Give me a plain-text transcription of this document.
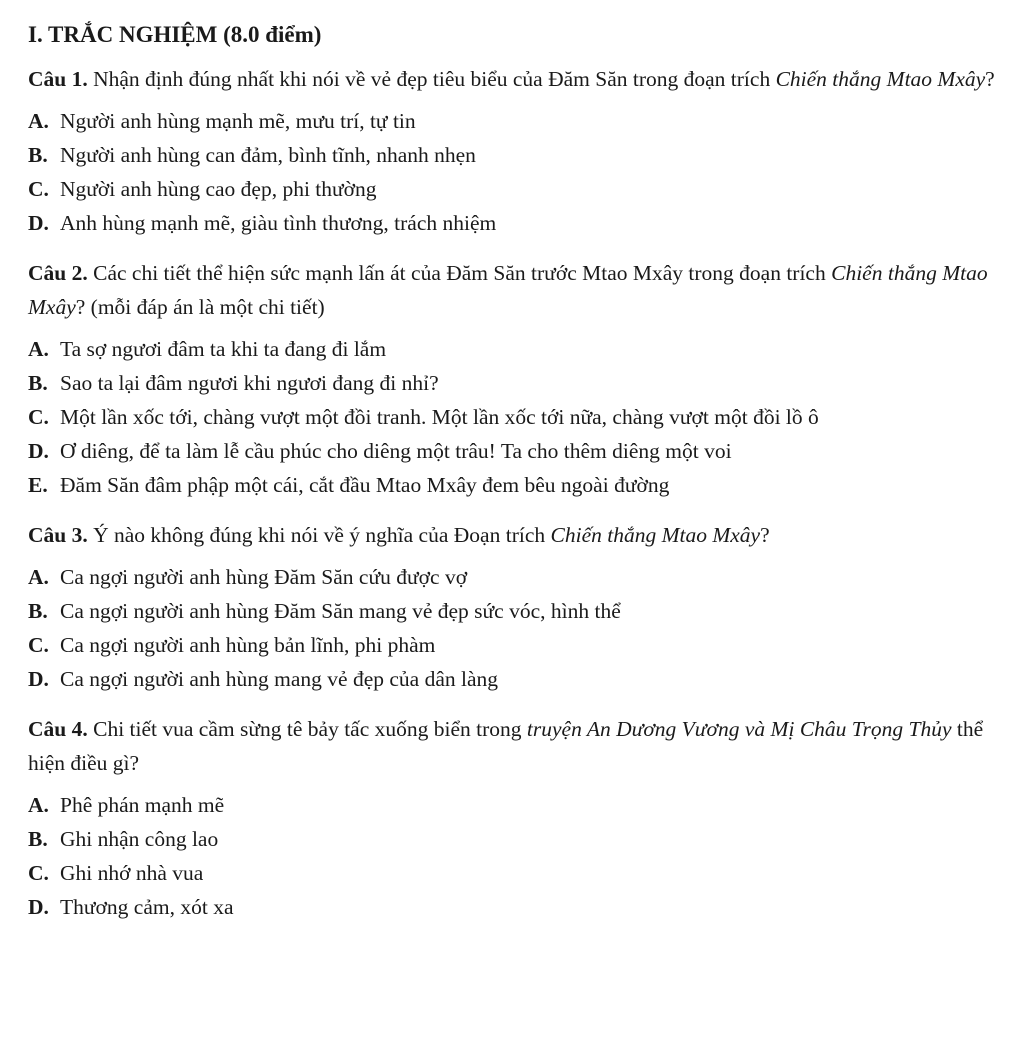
I. TRẮC NGHIỆM (8.0 điểm)

Câu 1. Nhận định đúng nhất khi nói về vẻ đẹp tiêu biểu của Đăm Săn trong đoạn trích Chiến thắng Mtao Mxây?

A. Người anh hùng mạnh mẽ, mưu trí, tự tin
B. Người anh hùng can đảm, bình tĩnh, nhanh nhẹn
C. Người anh hùng cao đẹp, phi thường
D. Anh hùng mạnh mẽ, giàu tình thương, trách nhiệm

Câu 2. Các chi tiết thể hiện sức mạnh lấn át của Đăm Săn trước Mtao Mxây trong đoạn trích Chiến thắng Mtao Mxây? (mỗi đáp án là một chi tiết)

A. Ta sợ ngươi đâm ta khi ta đang đi lắm
B. Sao ta lại đâm ngươi khi ngươi đang đi nhỉ?
C. Một lần xốc tới, chàng vượt một đồi tranh. Một lần xốc tới nữa, chàng vượt một đồi lồ ô
D. Ơ diêng, để ta làm lễ cầu phúc cho diêng một trâu! Ta cho thêm diêng một voi
E. Đăm Săn đâm phập một cái, cắt đầu Mtao Mxây đem bêu ngoài đường

Câu 3. Ý nào không đúng khi nói về ý nghĩa của Đoạn trích Chiến thắng Mtao Mxây?

A. Ca ngợi người anh hùng Đăm Săn cứu được vợ
B. Ca ngợi người anh hùng Đăm Săn mang vẻ đẹp sức vóc, hình thể
C. Ca ngợi người anh hùng bản lĩnh, phi phàm
D. Ca ngợi người anh hùng mang vẻ đẹp của dân làng

Câu 4. Chi tiết vua cầm sừng tê bảy tấc xuống biển trong truyện An Dương Vương và Mị Châu Trọng Thủy thể hiện điều gì?

A. Phê phán mạnh mẽ
B. Ghi nhận công lao
C. Ghi nhớ nhà vua
D. Thương cảm, xót xa
